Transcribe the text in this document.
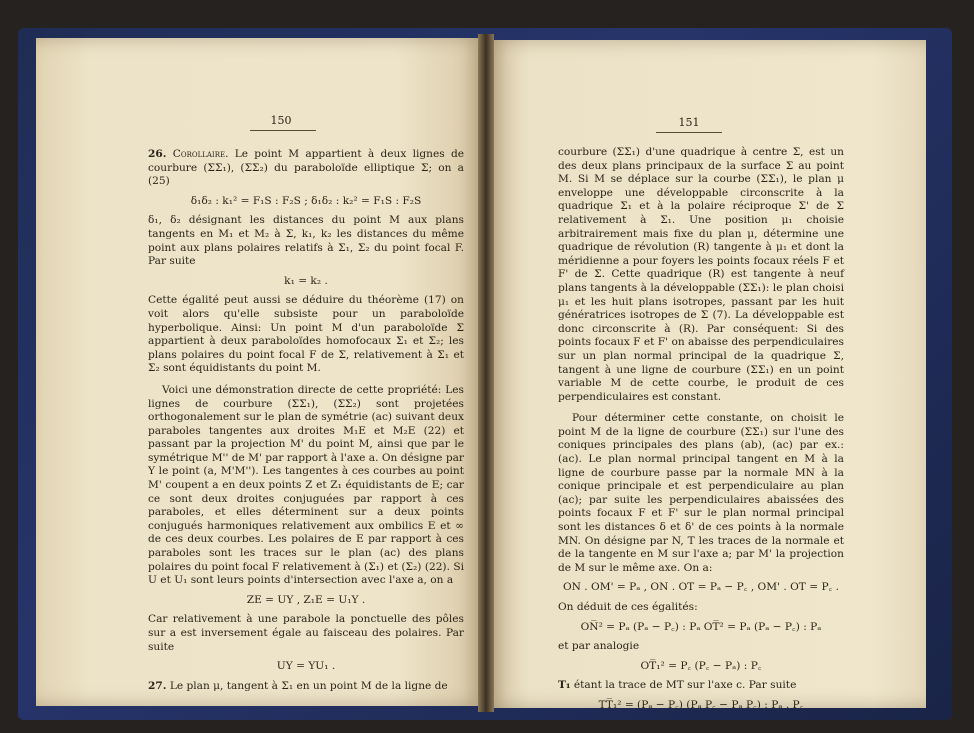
150

26. Corollaire. Le point M appartient à deux lignes de courbure (ΣΣ₁), (ΣΣ₂) du paraboloïde elliptique Σ; on a (25)

δ₁δ₂ : k₁² = F₁S : F₂S ; δ₁δ₂ : k₂² = F₁S : F₂S

δ₁, δ₂ désignant les distances du point M aux plans tangents en M₁ et M₂ à Σ, k₁, k₂ les distances du même point aux plans polaires relatifs à Σ₁, Σ₂ du point focal F. Par suite

k₁ = k₂ .

Cette égalité peut aussi se déduire du théorème (17) on voit alors qu'elle subsiste pour un paraboloïde hyperbolique. Ainsi: Un point M d'un paraboloïde Σ appartient à deux paraboloïdes homofocaux Σ₁ et Σ₂; les plans polaires du point focal F de Σ, relativement à Σ₁ et Σ₂ sont équidistants du point M.

Voici une démonstration directe de cette propriété: Les lignes de courbure (ΣΣ₁), (ΣΣ₂) sont projetées orthogonalement sur le plan de symétrie (ac) suivant deux paraboles tangentes aux droites M₁E et M₂E (22) et passant par la projection M' du point M, ainsi que par le symétrique M'' de M' par rapport à l'axe a. On désigne par Y le point (a, M'M''). Les tangentes à ces courbes au point M' coupent a en deux points Z et Z₁ équidistants de E; car ce sont deux droites conjuguées par rapport à ces paraboles, et elles déterminent sur a deux points conjugués harmoniques relativement aux ombilics E et ∞ de ces deux courbes. Les polaires de E par rapport à ces paraboles sont les traces sur le plan (ac) des plans polaires du point focal F relativement à (Σ₁) et (Σ₂) (22). Si U et U₁ sont leurs points d'intersection avec l'axe a, on a

ZE = UY , Z₁E = U₁Y .

Car relativement à une parabole la ponctuelle des pôles sur a est inversement égale au faisceau des polaires. Par suite

UY = YU₁ .

27. Le plan μ, tangent à Σ₁ en un point M de la ligne de

151

courbure (ΣΣ₁) d'une quadrique à centre Σ, est un des deux plans principaux de la surface Σ au point M. Si M se déplace sur la courbe (ΣΣ₁), le plan μ enveloppe une développable circonscrite à la quadrique Σ₁ et à la polaire réciproque Σ' de Σ relativement à Σ₁. Une position μ₁ choisie arbitrairement mais fixe du plan μ, détermine une quadrique de révolution (R) tangente à μ₁ et dont la méridienne a pour foyers les points focaux réels F et F' de Σ. Cette quadrique (R) est tangente à neuf plans tangents à la développable (ΣΣ₁): le plan choisi μ₁ et les huit plans isotropes, passant par les huit génératrices isotropes de Σ (7). La développable est donc circonscrite à (R). Par conséquent: Si des points focaux F et F' on abaisse des perpendiculaires sur un plan normal principal de la quadrique Σ, tangent à une ligne de courbure (ΣΣ₁) en un point variable M de cette courbe, le produit de ces perpendiculaires est constant.

Pour déterminer cette constante, on choisit le point M de la ligne de courbure (ΣΣ₁) sur l'une des coniques principales des plans (ab), (ac) par ex.: (ac). Le plan normal principal tangent en M à la ligne de courbure passe par la normale MN à la conique principale et est perpendiculaire au plan (ac); par suite les perpendiculaires abaissées des points focaux F et F' sur le plan normal principal sont les distances δ et δ' de ces points à la normale MN. On désigne par N, T les traces de la normale et de la tangente en M sur l'axe a; par M' la projection de M sur le même axe. On a:

ON . OM' = Pₐ , ON . OT = Pₐ − P꜀ , OM' . OT = P꜀ .

On déduit de ces égalités:

ON̅² = Pₐ (Pₐ − P꜀) : Pₐ OT̅² = Pₐ (Pₐ − P꜀) : Pₐ

et par analogie

OT̅₁² = P꜀ (P꜀ − Pₐ) : P꜀

T₁ étant la trace de MT sur l'axe c. Par suite

TT̅₁² = (Pₐ − P꜀) (Pₐ P꜀ − Pₐ P꜀) : Pₐ . P꜀
